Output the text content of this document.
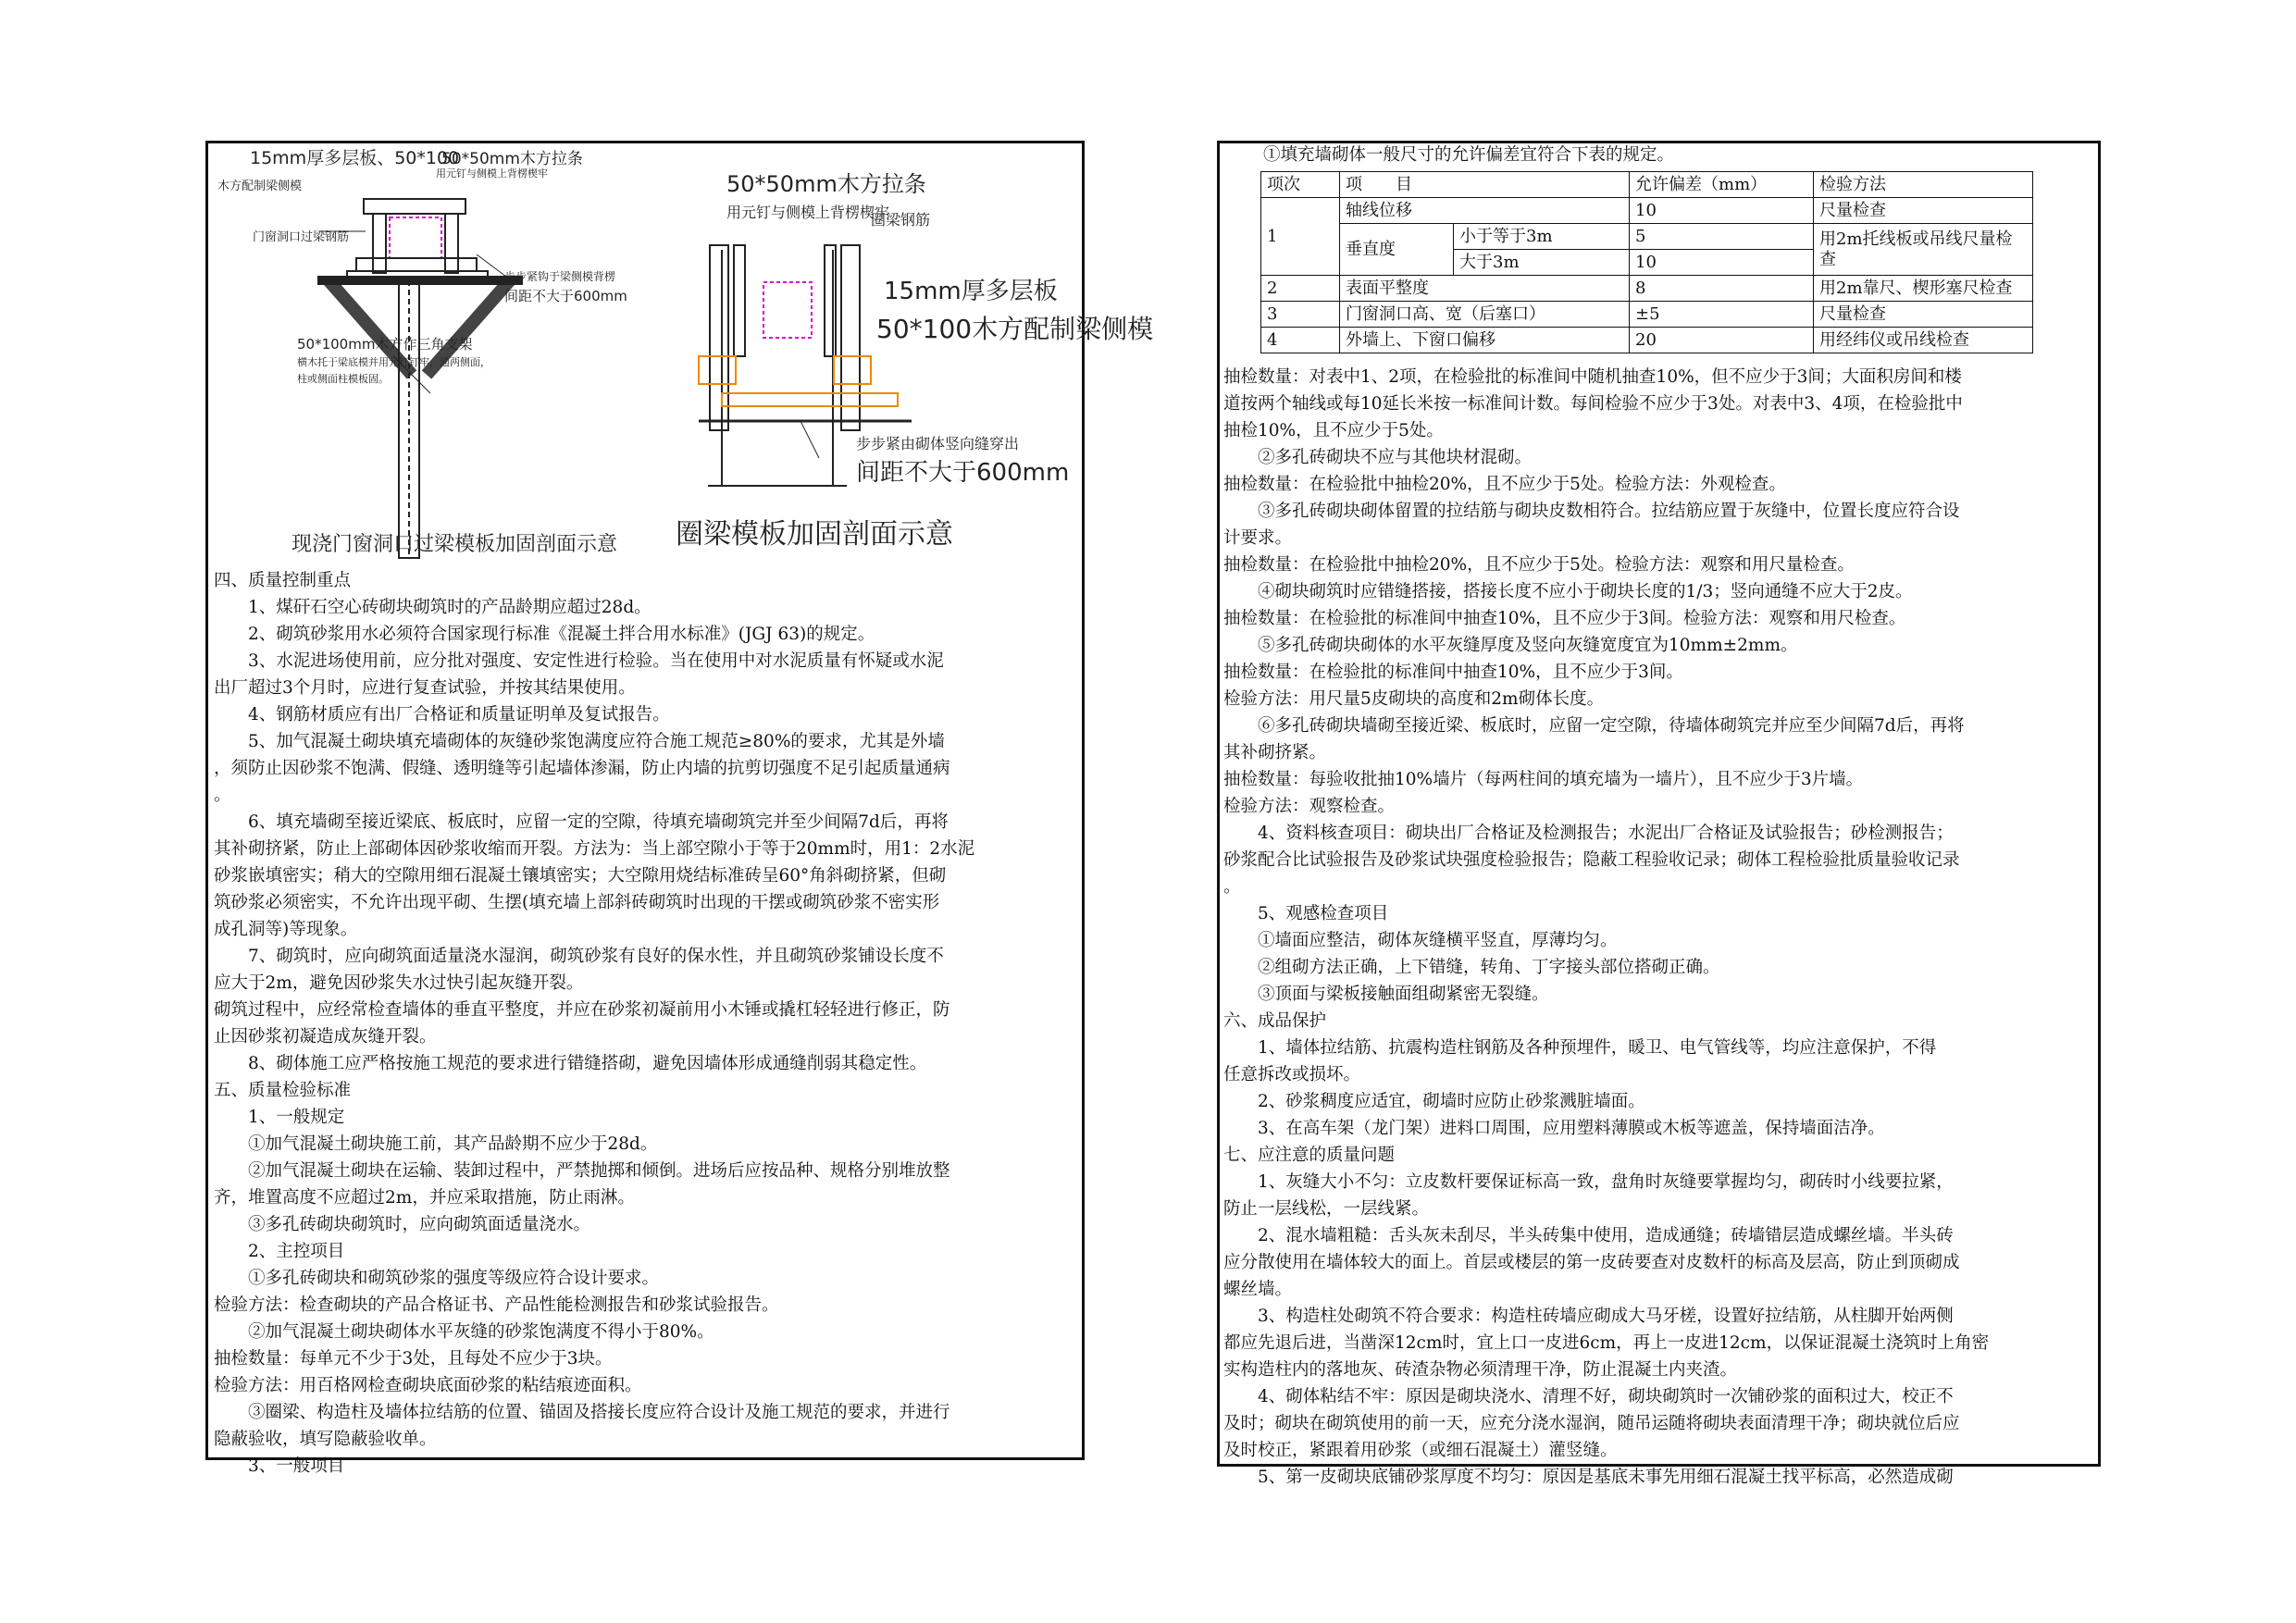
15mm厚多层板、50*100
50*50mm木方拉条
木方配制梁侧模
用元钉与侧模上背楞楔牢
门窗洞口过梁钢筋
步步紧钩于梁侧模背楞
间距不大于600mm
50*100mm木方作三角支架
横木托于梁底模并用元钉钉牢，通两侧面，
柱或侧面柱模板固。
现浇门窗洞口过梁模板加固剖面示意
50*50mm木方拉条
用元钉与侧模上背楞楔牢
圈梁钢筋
15mm厚多层板
50*100木方配制梁侧模
步步紧由砌体竖向缝穿出
间距不大于600mm
圈梁模板加固剖面示意
四、质量控制重点
　　1、煤矸石空心砖砌块砌筑时的产品龄期应超过28d。
　　2、砌筑砂浆用水必须符合国家现行标准《混凝土拌合用水标准》(JGJ 63)的规定。
　　3、水泥进场使用前，应分批对强度、安定性进行检验。当在使用中对水泥质量有怀疑或水泥
出厂超过3个月时，应进行复查试验，并按其结果使用。
　　4、钢筋材质应有出厂合格证和质量证明单及复试报告。
　　5、加气混凝土砌块填充墙砌体的灰缝砂浆饱满度应符合施工规范≥80%的要求，尤其是外墙
，须防止因砂浆不饱满、假缝、透明缝等引起墙体渗漏，防止内墙的抗剪切强度不足引起质量通病
。
　　6、填充墙砌至接近梁底、板底时，应留一定的空隙，待填充墙砌筑完并至少间隔7d后，再将
其补砌挤紧，防止上部砌体因砂浆收缩而开裂。方法为：当上部空隙小于等于20mm时，用1：2水泥
砂浆嵌填密实；稍大的空隙用细石混凝土镶填密实；大空隙用烧结标准砖呈60°角斜砌挤紧，但砌
筑砂浆必须密实，不允许出现平砌、生摆(填充墙上部斜砖砌筑时出现的干摆或砌筑砂浆不密实形
成孔洞等)等现象。
　　7、砌筑时，应向砌筑面适量浇水湿润，砌筑砂浆有良好的保水性，并且砌筑砂浆铺设长度不
应大于2m，避免因砂浆失水过快引起灰缝开裂。
砌筑过程中，应经常检查墙体的垂直平整度，并应在砂浆初凝前用小木锤或撬杠轻轻进行修正，防
止因砂浆初凝造成灰缝开裂。
　　8、砌体施工应严格按施工规范的要求进行错缝搭砌，避免因墙体形成通缝削弱其稳定性。
五、质量检验标准
　　1、一般规定
　　①加气混凝土砌块施工前，其产品龄期不应少于28d。
　　②加气混凝土砌块在运输、装卸过程中，严禁抛掷和倾倒。进场后应按品种、规格分别堆放整
齐，堆置高度不应超过2m，并应采取措施，防止雨淋。
　　③多孔砖砌块砌筑时，应向砌筑面适量浇水。
　　2、主控项目
　　①多孔砖砌块和砌筑砂浆的强度等级应符合设计要求。
检验方法：检查砌块的产品合格证书、产品性能检测报告和砂浆试验报告。
　　②加气混凝土砌块砌体水平灰缝的砂浆饱满度不得小于80%。
抽检数量：每单元不少于3处，且每处不应少于3块。
检验方法：用百格网检查砌块底面砂浆的粘结痕迹面积。
　　③圈梁、构造柱及墙体拉结筋的位置、锚固及搭接长度应符合设计及施工规范的要求，并进行
隐蔽验收，填写隐蔽验收单。
　　3、一般项目
　　①填充墙砌体一般尺寸的允许偏差宜符合下表的规定。
项次	项　　目		允许偏差（mm）	检验方法
1	轴线位移		10	尺量检查
	垂直度	小于等于3m	5	用2m托线板或吊线尺量检查
		大于3m	10	
2	表面平整度		8	用2m靠尺、楔形塞尺检查
3	门窗洞口高、宽（后塞口）		±5	尺量检查
4	外墙上、下窗口偏移		20	用经纬仪或吊线检查
抽检数量：对表中1、2项，在检验批的标准间中随机抽查10%，但不应少于3间；大面积房间和楼
道按两个轴线或每10延长米按一标准间计数。每间检验不应少于3处。对表中3、4项，在检验批中
抽检10%，且不应少于5处。
　　②多孔砖砌块不应与其他块材混砌。
抽检数量：在检验批中抽检20%，且不应少于5处。检验方法：外观检查。
　　③多孔砖砌块砌体留置的拉结筋与砌块皮数相符合。拉结筋应置于灰缝中，位置长度应符合设
计要求。
抽检数量：在检验批中抽检20%，且不应少于5处。检验方法：观察和用尺量检查。
　　④砌块砌筑时应错缝搭接，搭接长度不应小于砌块长度的1/3；竖向通缝不应大于2皮。
抽检数量：在检验批的标准间中抽查10%，且不应少于3间。检验方法：观察和用尺检查。
　　⑤多孔砖砌块砌体的水平灰缝厚度及竖向灰缝宽度宜为10mm±2mm。
抽检数量：在检验批的标准间中抽查10%，且不应少于3间。
检验方法：用尺量5皮砌块的高度和2m砌体长度。
　　⑥多孔砖砌块墙砌至接近梁、板底时，应留一定空隙，待墙体砌筑完并应至少间隔7d后，再将
其补砌挤紧。
抽检数量：每验收批抽10%墙片（每两柱间的填充墙为一墙片），且不应少于3片墙。
检验方法：观察检查。
　　4、资料核查项目：砌块出厂合格证及检测报告；水泥出厂合格证及试验报告；砂检测报告；
砂浆配合比试验报告及砂浆试块强度检验报告；隐蔽工程验收记录；砌体工程检验批质量验收记录
。
　　5、观感检查项目
　　①墙面应整洁，砌体灰缝横平竖直，厚薄均匀。
　　②组砌方法正确，上下错缝，转角、丁字接头部位搭砌正确。
　　③顶面与梁板接触面组砌紧密无裂缝。
六、成品保护
　　1、墙体拉结筋、抗震构造柱钢筋及各种预埋件，暖卫、电气管线等，均应注意保护，不得
任意拆改或损坏。
　　2、砂浆稠度应适宜，砌墙时应防止砂浆溅脏墙面。
　　3、在高车架（龙门架）进料口周围，应用塑料薄膜或木板等遮盖，保持墙面洁净。
七、应注意的质量问题
　　1、灰缝大小不匀：立皮数杆要保证标高一致，盘角时灰缝要掌握均匀，砌砖时小线要拉紧，
防止一层线松，一层线紧。
　　2、混水墙粗糙：舌头灰未刮尽，半头砖集中使用，造成通缝；砖墙错层造成螺丝墙。半头砖
应分散使用在墙体较大的面上。首层或楼层的第一皮砖要查对皮数杆的标高及层高，防止到顶砌成
螺丝墙。
　　3、构造柱处砌筑不符合要求：构造柱砖墙应砌成大马牙槎，设置好拉结筋，从柱脚开始两侧
都应先退后进，当凿深12cm时，宜上口一皮进6cm，再上一皮进12cm，以保证混凝土浇筑时上角密
实构造柱内的落地灰、砖渣杂物必须清理干净，防止混凝土内夹渣。
　　4、砌体粘结不牢：原因是砌块浇水、清理不好，砌块砌筑时一次铺砂浆的面积过大，校正不
及时；砌块在砌筑使用的前一天，应充分浇水湿润，随吊运随将砌块表面清理干净；砌块就位后应
及时校正，紧跟着用砂浆（或细石混凝土）灌竖缝。
　　5、第一皮砌块底铺砂浆厚度不均匀：原因是基底未事先用细石混凝土找平标高，必然造成砌
